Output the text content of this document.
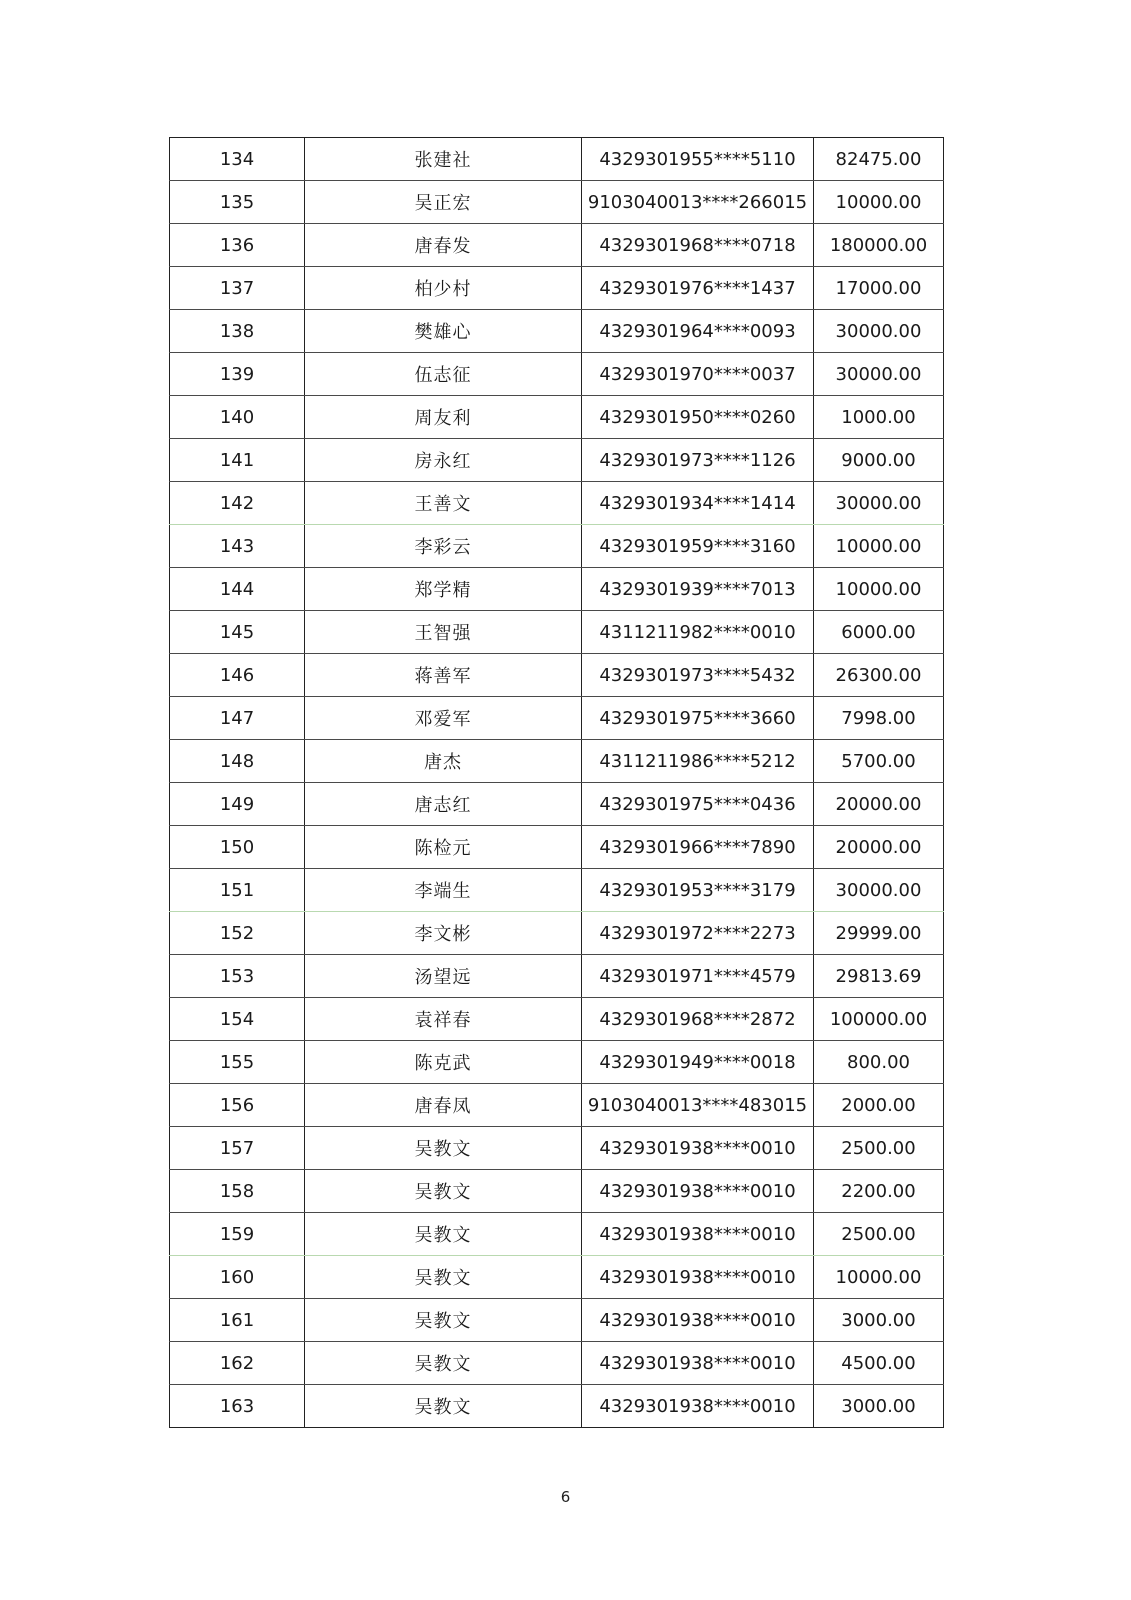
134	张建社	4329301955****5110	82475.00
135	吴正宏	9103040013****266015	10000.00
136	唐春发	4329301968****0718	180000.00
137	柏少村	4329301976****1437	17000.00
138	樊雄心	4329301964****0093	30000.00
139	伍志征	4329301970****0037	30000.00
140	周友利	4329301950****0260	1000.00
141	房永红	4329301973****1126	9000.00
142	王善文	4329301934****1414	30000.00
143	李彩云	4329301959****3160	10000.00
144	郑学精	4329301939****7013	10000.00
145	王智强	4311211982****0010	6000.00
146	蒋善军	4329301973****5432	26300.00
147	邓爱军	4329301975****3660	7998.00
148	唐杰	4311211986****5212	5700.00
149	唐志红	4329301975****0436	20000.00
150	陈检元	4329301966****7890	20000.00
151	李端生	4329301953****3179	30000.00
152	李文彬	4329301972****2273	29999.00
153	汤望远	4329301971****4579	29813.69
154	袁祥春	4329301968****2872	100000.00
155	陈克武	4329301949****0018	800.00
156	唐春凤	9103040013****483015	2000.00
157	吴教文	4329301938****0010	2500.00
158	吴教文	4329301938****0010	2200.00
159	吴教文	4329301938****0010	2500.00
160	吴教文	4329301938****0010	10000.00
161	吴教文	4329301938****0010	3000.00
162	吴教文	4329301938****0010	4500.00
163	吴教文	4329301938****0010	3000.00
6
